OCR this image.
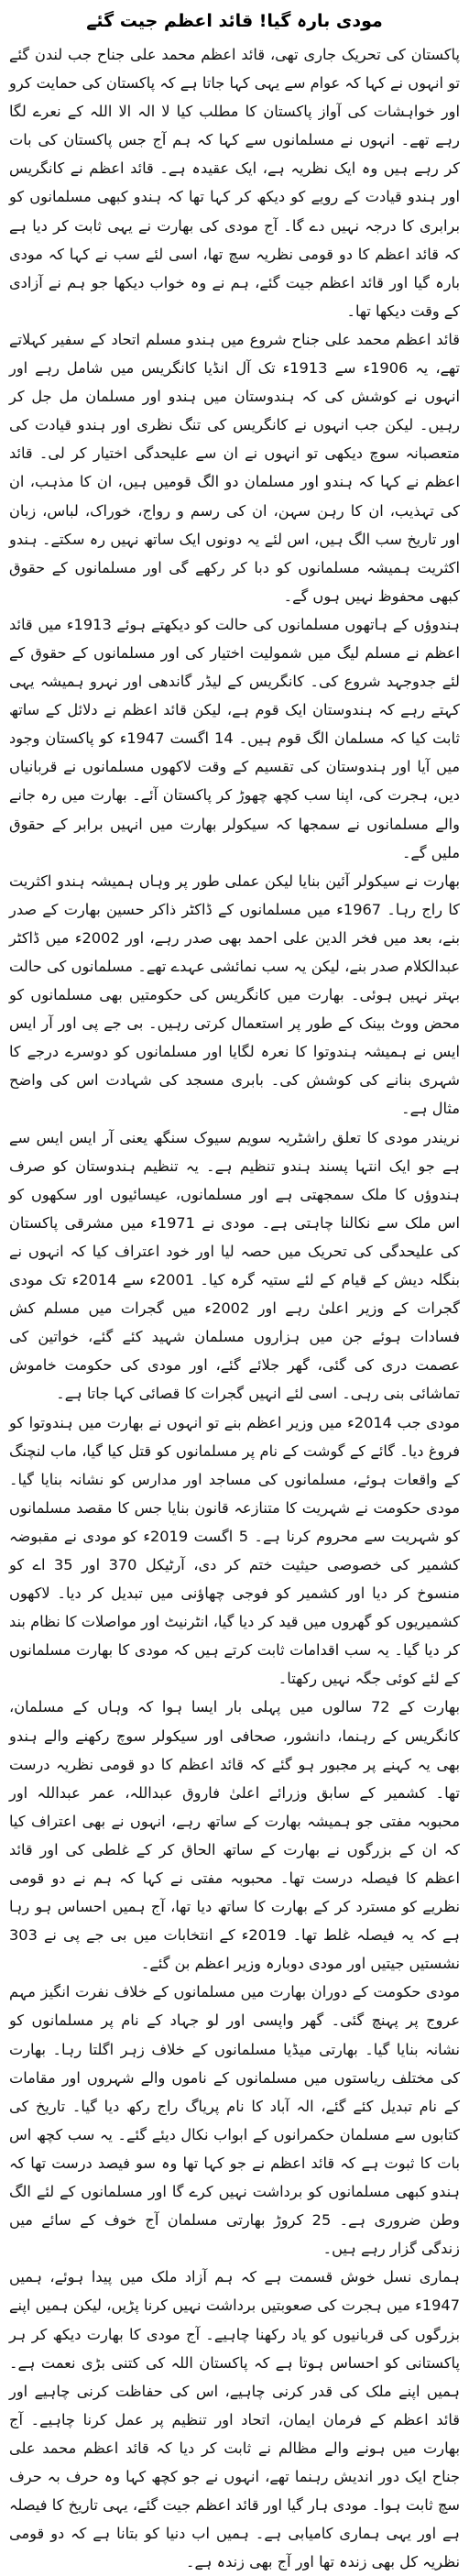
مودی بارہ گیا! قائد اعظم جیت گئے

پاکستان کی تحریک جاری تھی، قائد اعظم محمد علی جناح جب لندن گئے تو انہوں نے کہا کہ عوام سے یہی کہا جاتا ہے کہ پاکستان کی حمایت کرو اور خواہشات کی آواز پاکستان کا مطلب کیا لا الہ الا اللہ کے نعرے لگا رہے تھے۔ انہوں نے مسلمانوں سے کہا کہ ہم آج جس پاکستان کی بات کر رہے ہیں وہ ایک نظریہ ہے، ایک عقیدہ ہے۔ قائد اعظم نے کانگریس اور ہندو قیادت کے رویے کو دیکھ کر کہا تھا کہ ہندو کبھی مسلمانوں کو برابری کا درجہ نہیں دے گا۔ آج مودی کی بھارت نے یہی ثابت کر دیا ہے کہ قائد اعظم کا دو قومی نظریہ سچ تھا، اسی لئے سب نے کہا کہ مودی بارہ گیا اور قائد اعظم جیت گئے، ہم نے وہ خواب دیکھا جو ہم نے آزادی کے وقت دیکھا تھا۔

قائد اعظم محمد علی جناح شروع میں ہندو مسلم اتحاد کے سفیر کہلاتے تھے، یہ 1906ء سے 1913ء تک آل انڈیا کانگریس میں شامل رہے اور انہوں نے کوشش کی کہ ہندوستان میں ہندو اور مسلمان مل جل کر رہیں۔ لیکن جب انہوں نے کانگریس کی تنگ نظری اور ہندو قیادت کی متعصبانہ سوچ دیکھی تو انہوں نے ان سے علیحدگی اختیار کر لی۔ قائد اعظم نے کہا کہ ہندو اور مسلمان دو الگ قومیں ہیں، ان کا مذہب، ان کی تہذیب، ان کا رہن سہن، ان کی رسم و رواج، خوراک، لباس، زبان اور تاریخ سب الگ ہیں، اس لئے یہ دونوں ایک ساتھ نہیں رہ سکتے۔ ہندو اکثریت ہمیشہ مسلمانوں کو دبا کر رکھے گی اور مسلمانوں کے حقوق کبھی محفوظ نہیں ہوں گے۔

ہندوؤں کے ہاتھوں مسلمانوں کی حالت کو دیکھتے ہوئے 1913ء میں قائد اعظم نے مسلم لیگ میں شمولیت اختیار کی اور مسلمانوں کے حقوق کے لئے جدوجہد شروع کی۔ کانگریس کے لیڈر گاندھی اور نہرو ہمیشہ یہی کہتے رہے کہ ہندوستان ایک قوم ہے، لیکن قائد اعظم نے دلائل کے ساتھ ثابت کیا کہ مسلمان الگ قوم ہیں۔ 14 اگست 1947ء کو پاکستان وجود میں آیا اور ہندوستان کی تقسیم کے وقت لاکھوں مسلمانوں نے قربانیاں دیں، ہجرت کی، اپنا سب کچھ چھوڑ کر پاکستان آئے۔ بھارت میں رہ جانے والے مسلمانوں نے سمجھا کہ سیکولر بھارت میں انہیں برابر کے حقوق ملیں گے۔

بھارت نے سیکولر آئین بنایا لیکن عملی طور پر وہاں ہمیشہ ہندو اکثریت کا راج رہا۔ 1967ء میں مسلمانوں کے ڈاکٹر ذاکر حسین بھارت کے صدر بنے، بعد میں فخر الدین علی احمد بھی صدر رہے، اور 2002ء میں ڈاکٹر عبدالکلام صدر بنے، لیکن یہ سب نمائشی عہدے تھے۔ مسلمانوں کی حالت بہتر نہیں ہوئی۔ بھارت میں کانگریس کی حکومتیں بھی مسلمانوں کو محض ووٹ بینک کے طور پر استعمال کرتی رہیں۔ بی جے پی اور آر ایس ایس نے ہمیشہ ہندوتوا کا نعرہ لگایا اور مسلمانوں کو دوسرے درجے کا شہری بنانے کی کوشش کی۔ بابری مسجد کی شہادت اس کی واضح مثال ہے۔

نریندر مودی کا تعلق راشٹریہ سویم سیوک سنگھ یعنی آر ایس ایس سے ہے جو ایک انتہا پسند ہندو تنظیم ہے۔ یہ تنظیم ہندوستان کو صرف ہندوؤں کا ملک سمجھتی ہے اور مسلمانوں، عیسائیوں اور سکھوں کو اس ملک سے نکالنا چاہتی ہے۔ مودی نے 1971ء میں مشرقی پاکستان کی علیحدگی کی تحریک میں حصہ لیا اور خود اعتراف کیا کہ انہوں نے بنگلہ دیش کے قیام کے لئے ستیہ گرہ کیا۔ 2001ء سے 2014ء تک مودی گجرات کے وزیر اعلیٰ رہے اور 2002ء میں گجرات میں مسلم کش فسادات ہوئے جن میں ہزاروں مسلمان شہید کئے گئے، خواتین کی عصمت دری کی گئی، گھر جلائے گئے، اور مودی کی حکومت خاموش تماشائی بنی رہی۔ اسی لئے انہیں گجرات کا قصائی کہا جاتا ہے۔

مودی جب 2014ء میں وزیر اعظم بنے تو انہوں نے بھارت میں ہندوتوا کو فروغ دیا۔ گائے کے گوشت کے نام پر مسلمانوں کو قتل کیا گیا، ماب لنچنگ کے واقعات ہوئے، مسلمانوں کی مساجد اور مدارس کو نشانہ بنایا گیا۔ مودی حکومت نے شہریت کا متنازعہ قانون بنایا جس کا مقصد مسلمانوں کو شہریت سے محروم کرنا ہے۔ 5 اگست 2019ء کو مودی نے مقبوضہ کشمیر کی خصوصی حیثیت ختم کر دی، آرٹیکل 370 اور 35 اے کو منسوخ کر دیا اور کشمیر کو فوجی چھاؤنی میں تبدیل کر دیا۔ لاکھوں کشمیریوں کو گھروں میں قید کر دیا گیا، انٹرنیٹ اور مواصلات کا نظام بند کر دیا گیا۔ یہ سب اقدامات ثابت کرتے ہیں کہ مودی کا بھارت مسلمانوں کے لئے کوئی جگہ نہیں رکھتا۔

بھارت کے 72 سالوں میں پہلی بار ایسا ہوا کہ وہاں کے مسلمان، کانگریس کے رہنما، دانشور، صحافی اور سیکولر سوچ رکھنے والے ہندو بھی یہ کہنے پر مجبور ہو گئے کہ قائد اعظم کا دو قومی نظریہ درست تھا۔ کشمیر کے سابق وزرائے اعلیٰ فاروق عبداللہ، عمر عبداللہ اور محبوبہ مفتی جو ہمیشہ بھارت کے ساتھ رہے، انہوں نے بھی اعتراف کیا کہ ان کے بزرگوں نے بھارت کے ساتھ الحاق کر کے غلطی کی اور قائد اعظم کا فیصلہ درست تھا۔ محبوبہ مفتی نے کہا کہ ہم نے دو قومی نظریے کو مسترد کر کے بھارت کا ساتھ دیا تھا، آج ہمیں احساس ہو رہا ہے کہ یہ فیصلہ غلط تھا۔ 2019ء کے انتخابات میں بی جے پی نے 303 نشستیں جیتیں اور مودی دوبارہ وزیر اعظم بن گئے۔

مودی حکومت کے دوران بھارت میں مسلمانوں کے خلاف نفرت انگیز مہم عروج پر پہنچ گئی۔ گھر واپسی اور لو جہاد کے نام پر مسلمانوں کو نشانہ بنایا گیا۔ بھارتی میڈیا مسلمانوں کے خلاف زہر اگلتا رہا۔ بھارت کی مختلف ریاستوں میں مسلمانوں کے ناموں والے شہروں اور مقامات کے نام تبدیل کئے گئے، الہ آباد کا نام پریاگ راج رکھ دیا گیا۔ تاریخ کی کتابوں سے مسلمان حکمرانوں کے ابواب نکال دیئے گئے۔ یہ سب کچھ اس بات کا ثبوت ہے کہ قائد اعظم نے جو کہا تھا وہ سو فیصد درست تھا کہ ہندو کبھی مسلمانوں کو برداشت نہیں کرے گا اور مسلمانوں کے لئے الگ وطن ضروری ہے۔ 25 کروڑ بھارتی مسلمان آج خوف کے سائے میں زندگی گزار رہے ہیں۔

ہماری نسل خوش قسمت ہے کہ ہم آزاد ملک میں پیدا ہوئے، ہمیں 1947ء میں ہجرت کی صعوبتیں برداشت نہیں کرنا پڑیں، لیکن ہمیں اپنے بزرگوں کی قربانیوں کو یاد رکھنا چاہیے۔ آج مودی کا بھارت دیکھ کر ہر پاکستانی کو احساس ہوتا ہے کہ پاکستان اللہ کی کتنی بڑی نعمت ہے۔ ہمیں اپنے ملک کی قدر کرنی چاہیے، اس کی حفاظت کرنی چاہیے اور قائد اعظم کے فرمان ایمان، اتحاد اور تنظیم پر عمل کرنا چاہیے۔ آج بھارت میں ہونے والے مظالم نے ثابت کر دیا کہ قائد اعظم محمد علی جناح ایک دور اندیش رہنما تھے، انہوں نے جو کچھ کہا وہ حرف بہ حرف سچ ثابت ہوا۔ مودی ہار گیا اور قائد اعظم جیت گئے، یہی تاریخ کا فیصلہ ہے اور یہی ہماری کامیابی ہے۔ ہمیں اب دنیا کو بتانا ہے کہ دو قومی نظریہ کل بھی زندہ تھا اور آج بھی زندہ ہے۔
